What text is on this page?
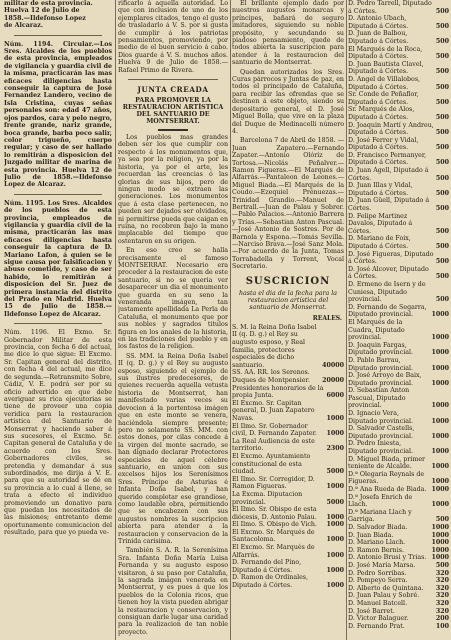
militar de esta provincia.

Huelva 12 de Julio de

1858.—Ildefonso Lopez

de Alcaraz.

Núm. 1194. Circular.—Los Sres. Alcaldes de los pueblos de esta provincia, empleados de vigilancia y guardia civil de la misma, practicarán las mas eficaces diligencias hasta conseguir la captura de José Fernandez Landero, vecino de Isla Cristina, cuyas señas personales son: edad 47 años, ojos pardos, cara y pelo negro, frente grande, nariz grande, boca grande, barba poco salir, color trigueño, cuerpo regular; y caso de ser hallado lo remitirán a disposicion del Juzgado militar de marina de esta provincia. Huelva 12 de Julio de 1858.—Ildefonso Lopez de Alcaraz.

Núm. 1195. Los Sres. Alcaldes de los pueblos de esta provincia, empleados de vigilancia y guardia civil de la misma, practicarán las mas eficaces diligencias hasta conseguir la captura de D. Mariano Lafon, á quien se le sigue causa por falsificacion y abuso cometido, y caso de ser habido, lo remitirán á disposicion del Sr. Juez de primera instancia del distrito del Prado en Madrid. Huelva 15 de Julio de 1858.—Ildefonso Lopez de Alcaraz.

Núm. 1196. El Exmo. Sr. Gobernador Militar de esta provincia, con fecha 6 del actual, me dice lo que sigue: El Excmo. Sr. Capitan general del distrito, con fecha 4 del actual, me dice de segunda.—Retransmito Sobre, Cádiz, V. E. podrá ser por su oficio advertido en que debe averiguar su rica ejecutorias se tiene de proveer una copia veridica para la restauracion artistica del Santuario de Monserrat y haciendo saber á sus sucesores, el Excmo. Sr. Capitan general de Cataluña y de acuerdo con los Sres. Gobernadores civiles, se pretendia y demandar á sus subordinados, me dirija á V. E. para que su autoridad se dé en su provincia a lo cual á llene, se trata a efecto el individuo promoviendo un donativo para que puedan los necesitados de las misiones; entretanto deme oportunamente comunicacion del resultado, para que yo pueda ve-

rificarlo á aquella autoridad. Lo que con inclusion de uno de los ejemplares citados, tengo el gusto de trasladarlo á V. S. por si gusta de cumplir á los patriotas pensamientos, promoviendo, por medio de el buen servicio á cabo. Dios guarde á V. S. muchos años. Huelva 9 de Julio de 1858.—Rafael Primo de Rivera.

JUNTA CREADA
PARA PROMOVER LA RESTAURACION ARTÍSTICA DEL SANTUARIO DE MONTSERRAT.

Los pueblos mas grandes deben ser los que cumplir con respecto á los monumentos que, ya sea por la religion, ya por la historia, ya por el arte, les recuerdan las creencias ó las glorias de sus hijos, pero de ningun modo se extraen las generaciones. Los monumentos que á esta clase pertenecen, no pueden ser dejados ser olvidados, ni permitirse pueda que caigan en ruina, no recobren bajo la mano implacable del tiempo que ostentaron en su origen.

En eso creo se halla precisamente el famoso MONTSERRAT. Necesario era proceder á la restauracion de este santuario, si no se queria ver desaparecer un dia el monumento que guarda en su seno la veneranda imágen, tan justamente apellidada La Perla de Cataluña, el monumento que por sus nobles y sagrados titulos figura en los anales de la historia, en las tradiciones del pueblo y en los fastos de la religion.

SS. MM. la Reina Doña Isabel II (q. D. g.) y el Rey su augusto esposo, siguiendo el ejemplo de sus ilustres predecesores, de quienes recuerda aquella vetusta historia de Montserrat, han manifestado varias veces su devocion á la portentosa imágen que en este monte se venera, haciéndola siempre presente; pero no solamente SS. MM. con estos dones, por cilas concede á la virgen del monte sacrado, se han dignado declarar Protectores especiales de aquel célebre santuario, en union con sus excelsos hijos los Serenísimos Sres. Príncipe de Asturias é Infanta Doña Isabel, y han querido completar ese grandiose, como laudable obra, permitiendo que se encabezen con sus augustos nombres la suscripcion abierta para atender a la restauracion y conservacion de la Trinida carisima.

También S. A. R. la Serenísima Sra. Infanta Doña María Luisa Fernanda y su augusto esposo visitaron, á su paso por Cataluña, la sagrada imágen venerada en Montserrat, y es pues á que los pueblos de la Colonia ricos, que tienen hoy la vista pueden abrigar la restauracion y conservacion, y consiguan darle lugar una caridad para la realizacion de tan noble proyecto.

El brillante ejemplo dado por nuestros augustos monarcas y príncipes, bañará de seguro imitadores, siguiendo su noble propósito, y secundando su piadoso pensamiento, quede de todos abierta la suscripcion para atender á la restauracion del santuario de Montserrat.

Quedan autorizados los Sres. Curas párrocos y Juntas de paz, en todos el principado de Cataluña, para recibir las ofrendas que se destinen á este objeto, siendo su depositario general, el D. José Miguel Bolla, que vive en la plaza del Duque de Medinacelli número 4.

Barcelona 7 de Abril de 1858. —Juan Zapatero.—Fernando Zapater.—Antonio Olóriz de Tortosa.—Nicolás Peñalver.—Ramon Figueras.—El Marqués de Alfarrás.—Pantaleon de Leones.—Miguel Biada.—El Marqués de la Coudo.—Ezequiel Prénuezas.—Trinidad Grandio.—Manuel de Bertrall.—Juan de Palau y Sobrer.—Pablo Palacios.—Antonio Barrera y Trías.—Sebastian Anton Pascual.—José Antonio de Sostres. Por de Barnola y Espona.—Tomás Sevilla.—Narciso Brava.—José Sanz Mola.—Por acuerdo de la Junta, Tomas Torrabadella y Torrent, Vocal Secretario.

SUSCRICION
hasta el dia de la fecha para la restauracion artística del santuario de Monserrat.
REALES.
S. M. la Reina Doña Isabel II (q. D. g.) el Rey su augusto esposo, y Real familia, protectores especiales de dicho santuario.	40000
SS. AA. RR. los Serenos. Duques de Montpensier.	20000
Presidentes honorarios de la propia Junta.	6000
El Excmo. Sr. Capitan general, D. Juan Zapatero Navas.	1000
El Ilmo. Sr. Gobernador civil, D. Fernando Zapater.	1000
La Real Audiencia de este territorio.	2300
El Excmo. Ayuntamiento constitucional de esta ciudad.	5000
El Ilmo. Sr. Corregidor, D. Ramon Figueras.	1000
La Excma. Diputacion provincial.	5000
El Ilmo. Sr. Obispo de esta diócesis, D. Antonio Palau.	1000
El Ilmo. S. Obispo de Vich.	1000
El Excmo. Sr. Marqués de Santacoloma.	1000
El Excmo. Sr. Marqués de Alfarrás.	1000
D. Fernando del Pino, Diputado á Córtes.	1000
D. Ramon de Ordinales, Diputado á Córtes.	1000
D. Pedro Tarrell, Diputado á Córtes.	500
D. Antonio Ubach, Diputado á Córtes.	500
D. Juan de Balbou, Diputado á Córtes.	500
El Marqués de la Roca, Diputado á Córtes.	500
D. Juan Bautista Clavel, Diputado á Córtes.	500
D. Angel de Villalobos, Diputado á Córtes.	500
Sr. Conde de Peñaflor, Diputado á Córtes.	500
Sr. Marqués de Alos, Diputado á Córtes.	500
D. Joaquin Martí y Andreu, Diputado á Córtes.	500
D. José Ferrer y Vidal, Diputado á Córtes.	500
D. Francisco Permanyer, Diputado á Córtes.	500
D. Juan Agell, Diputado á Córtes.	500
D. Juan Illas y Vidal, Diputado á Córtes.	500
D. Juan Güell, Diputado á Córtes.	500
D. Felipe Martinez Davalos, Diputado á Córtes.	500
D. Mariano de Foix, Diputado á Córtes.	500
D. José Figueras, Diputado á Córtes.	500
D. José Alcover, Diputado á Córtes.	500
D. Ermeno de Isern y de Cuniesa, Diputado provincial.	500
D. Fernando de Segarra, Diputado provincial.	1000
El Marqués de la Cuadra, Diputado provincial.	1000
D. Joaquin Fargas, Diputado provincial.	1000
D. Pablo Barrau, Diputado provincial.	1000
D. José Arroyo de Baix, Diputado provincial.	1000
D. Sebastian Anton Pascual, Diputado provincial.	1000
D. Ignacio Vera, Diputado provincial.	1000
D. Salvador Castells, Diputado provincial.	1000
D. Pedro Iniesta, Diputado provincial.	1000
D. Miguel Biada, primer teniente de Alcalde.	1000
D.ª Olegaria Reynals de Figueras.	1000
D.ª Ana Rueda de Biada. 1000
D.ª Josefa Enrich de Llach.	1000
D.ª Mariana Llach y Garriga.	500
D. Salvador Biada.	1000
D. Juan Biada.	1000
D. Mariano Llach.	1000
D. Ramon Bernis.	1000
D. Antonio Brusi y Trias. 1000
D. José María Marsa.	500
D. Pedro Sorribas.	320
D. Pompeyo Serra.	320
D. Alberto de Quintana.	320
D. Juan Palau y Sobré.	320
D. Manuel Batcell.	320
D. José Barret.	320
D. Victor Balaguer.	200
D. Fernando Prat.	100
